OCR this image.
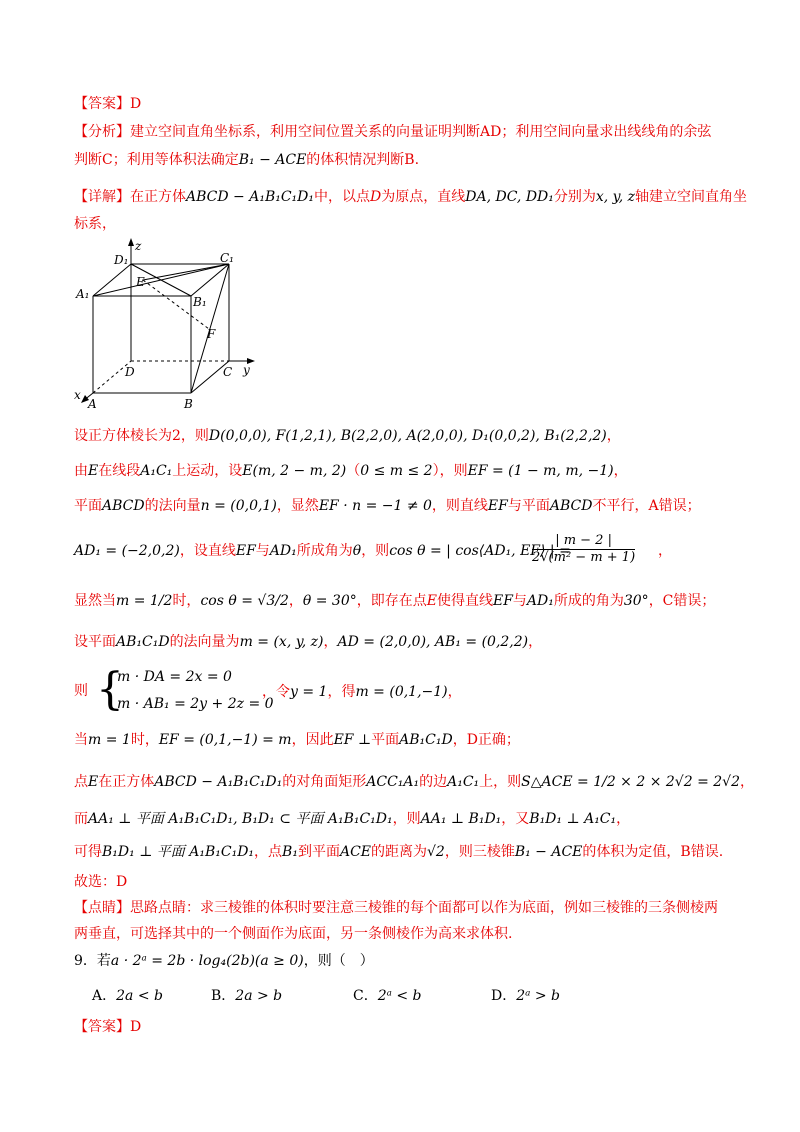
【答案】D
【分析】建立空间直角坐标系，利用空间位置关系的向量证明判断AD；利用空间向量求出线线角的余弦
判断C；利用等体积法确定B₁ − ACE的体积情况判断B.
【详解】在正方体ABCD − A₁B₁C₁D₁中，以点D为原点，直线DA, DC, DD₁分别为x, y, z轴建立空间直角坐
标系，
z
y
x
A	B
C
D
A₁
B₁
C₁
D₁
E
F
设正方体棱长为2，则D(0,0,0), F(1,2,1), B(2,2,0), A(2,0,0), D₁(0,0,2), B₁(2,2,2)，
由E在线段A₁C₁上运动，设E(m, 2 − m, 2)（0 ≤ m ≤ 2），则EF = (1 − m, m, −1)，
平面ABCD的法向量n = (0,0,1)，显然EF · n = −1 ≠ 0，则直线EF与平面ABCD不平行，A错误；
AD₁ = (−2,0,2)，设直线EF与AD₁所成角为θ，则cos θ = | cos⟨AD₁, EF⟩ | =
$\frac{| m - 2 |}{\text{2√(m² − m + 1)}}$ ，
显然当m = 1/2时，cos θ = √3/2，θ = 30°，即存在点E使得直线EF与AD₁所成的角为30°，C错误；
设平面AB₁C₁D的法向量为m = (x, y, z)，AD = (2,0,0), AB₁ = (0,2,2)，
则 {
m · DA = 2x = 0
m · AB₁ = 2y + 2z = 0
，令y = 1，得m = (0,1,−1)，
当m = 1时，EF = (0,1,−1) = m，因此EF ⊥平面AB₁C₁D，D正确；
点E在正方体ABCD − A₁B₁C₁D₁的对角面矩形ACC₁A₁的边A₁C₁上，则S△ACE = 1/2 × 2 × 2√2 = 2√2，
而AA₁ ⊥ 平面 A₁B₁C₁D₁, B₁D₁ ⊂ 平面 A₁B₁C₁D₁，则AA₁ ⊥ B₁D₁，又B₁D₁ ⊥ A₁C₁，
可得B₁D₁ ⊥ 平面 A₁B₁C₁D₁，点B₁到平面ACE的距离为√2，则三棱锥B₁ − ACE的体积为定值，B错误.
故选：D
【点睛】思路点睛：求三棱锥的体积时要注意三棱锥的每个面都可以作为底面，例如三棱锥的三条侧棱两
两垂直，可选择其中的一个侧面作为底面，另一条侧棱作为高来求体积.
9．若a · 2ᵃ = 2b · log₄(2b)(a ≥ 0)，则（　）
A．2a < b	B．2a > b	C．2ᵃ < b	D．2ᵃ > b
【答案】D
